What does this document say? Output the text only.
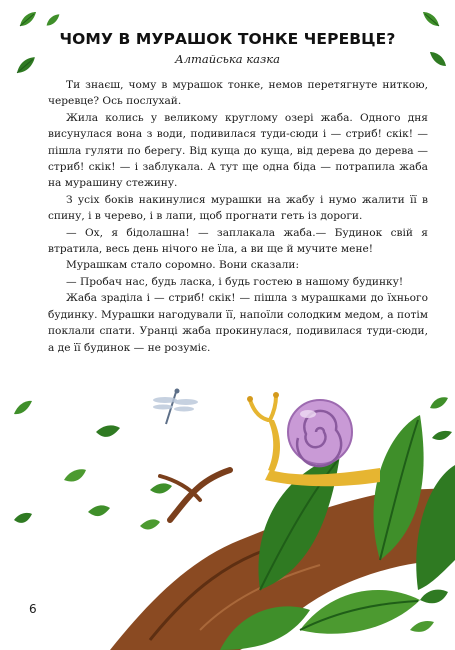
ЧОМУ В МУРАШОК ТОНКЕ ЧЕРЕВЦЕ?
Алтайська казка

Ти знаєш, чому в мурашок тонке, немов перетягнуте ниткою, черевце? Ось послухай.

Жила колись у великому круглому озері жаба. Одного дня висунулася вона з води, подивилася туди-сюди і — стриб! скік! — пішла гуляти по берегу. Від куща до куща, від дерева до дерева — стриб! скік! — і заблукала. А тут ще одна біда — потрапила жаба на мурашину стежину.

З усіх боків накинулися мурашки на жабу і нумо жалити її в спину, і в черево, і в лапи, щоб прогнати геть із дороги.

— Ох, я бідолашна! — заплакала жаба.— Будинок свій я втратила, весь день нічого не їла, а ви ще й мучите мене!

Мурашкам стало соромно. Вони сказали:

— Пробач нас, будь ласка, і будь гостею в нашому будинку!

Жаба зраділа і — стриб! скік! — пішла з мурашками до їхнього будинку. Мурашки нагодували її, напоїли солодким медом, а потім поклали спати. Уранці жаба прокинулася, подивилася туди-сюди, а де її будинок — не розуміє.

6
